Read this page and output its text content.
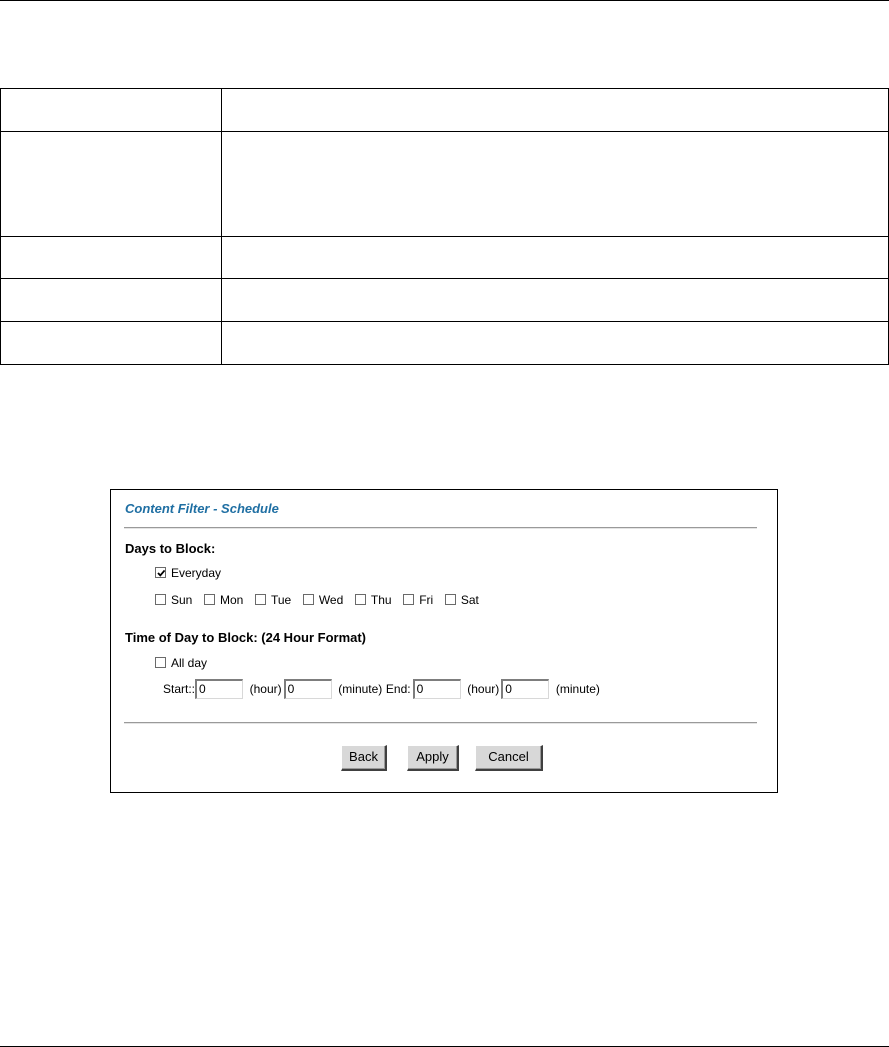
Content Filter - Schedule
Days to Block:
Everyday
Sun Mon Tue Wed Thu Fri Sat
Time of Day to Block: (24 Hour Format)
All day
Start:: 0	(hour) 0	(minute) End: 0	(hour) 0	(minute)
Back	Apply	Cancel
